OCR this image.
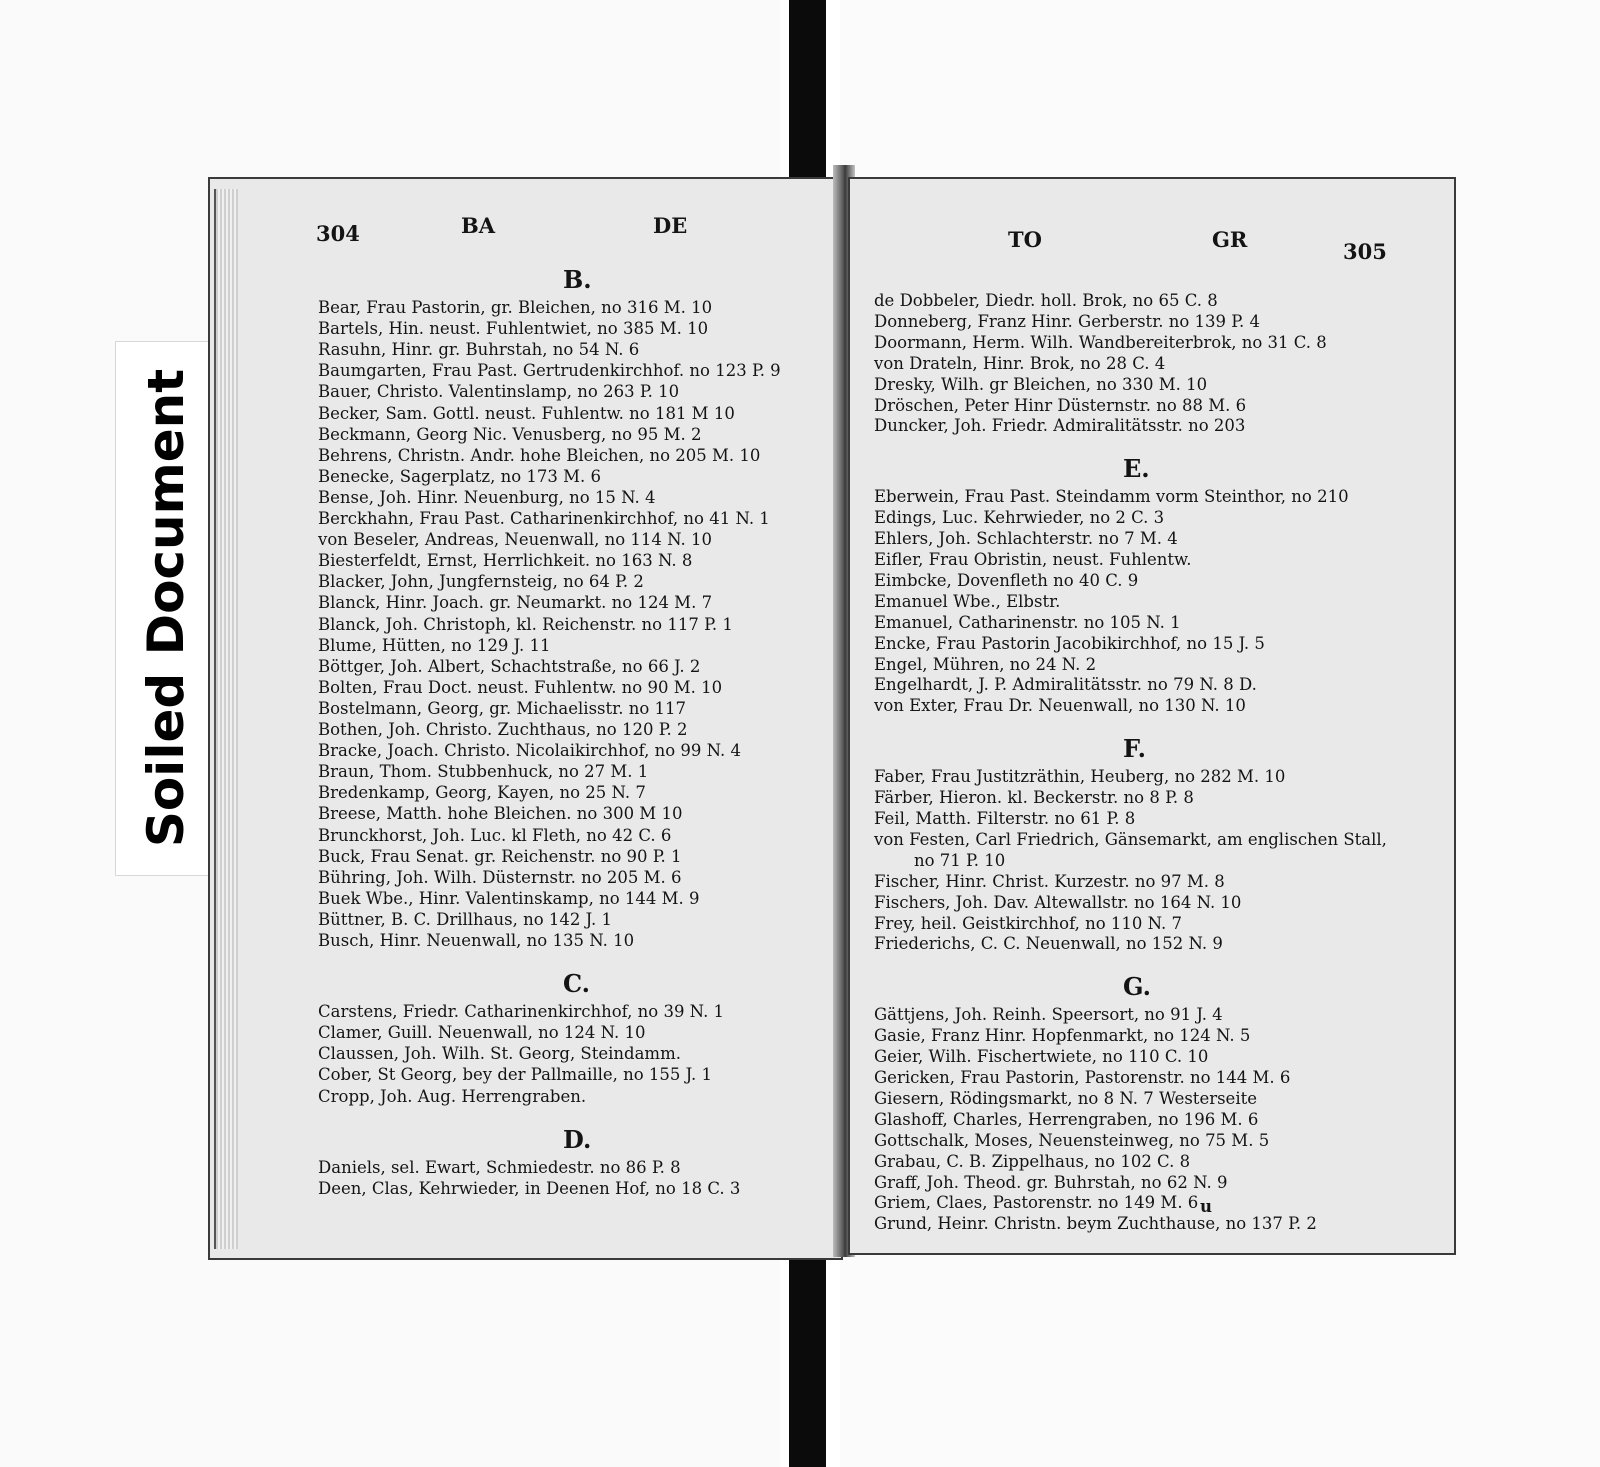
Soiled Document
304	BA	DE
TO	GR	305
B.
Bear, Frau Pastorin, gr. Bleichen, no 316 M. 10
Bartels, Hin. neust. Fuhlentwiet, no 385 M. 10
Rasuhn, Hinr. gr. Buhrstah, no 54 N. 6
Baumgarten, Frau Past. Gertrudenkirchhof. no 123 P. 9
Bauer, Christo. Valentinslamp, no 263 P. 10
Becker, Sam. Gottl. neust. Fuhlentw. no 181 M 10
Beckmann, Georg Nic. Venusberg, no 95 M. 2
Behrens, Christn. Andr. hohe Bleichen, no 205 M. 10
Benecke, Sagerplatz, no 173 M. 6
Bense, Joh. Hinr. Neuenburg, no 15 N. 4
Berckhahn, Frau Past. Catharinenkirchhof, no 41 N. 1
von Beseler, Andreas, Neuenwall, no 114 N. 10
Biesterfeldt, Ernst, Herrlichkeit. no 163 N. 8
Blacker, John, Jungfernsteig, no 64 P. 2
Blanck, Hinr. Joach. gr. Neumarkt. no 124 M. 7
Blanck, Joh. Christoph, kl. Reichenstr. no 117 P. 1
Blume, Hütten, no 129 J. 11
Böttger, Joh. Albert, Schachtstraße, no 66 J. 2
Bolten, Frau Doct. neust. Fuhlentw. no 90 M. 10
Bostelmann, Georg, gr. Michaelisstr. no 117
Bothen, Joh. Christo. Zuchthaus, no 120 P. 2
Bracke, Joach. Christo. Nicolaikirchhof, no 99 N. 4
Braun, Thom. Stubbenhuck, no 27 M. 1
Bredenkamp, Georg, Kayen, no 25 N. 7
Breese, Matth. hohe Bleichen. no 300 M 10
Brunckhorst, Joh. Luc. kl Fleth, no 42 C. 6
Buck, Frau Senat. gr. Reichenstr. no 90 P. 1
Bühring, Joh. Wilh. Düsternstr. no 205 M. 6
Buek Wbe., Hinr. Valentinskamp, no 144 M. 9
Büttner, B. C. Drillhaus, no 142 J. 1
Busch, Hinr. Neuenwall, no 135 N. 10
C.
Carstens, Friedr. Catharinenkirchhof, no 39 N. 1
Clamer, Guill. Neuenwall, no 124 N. 10
Claussen, Joh. Wilh. St. Georg, Steindamm.
Cober, St Georg, bey der Pallmaille, no 155 J. 1
Cropp, Joh. Aug. Herrengraben.
D.
Daniels, sel. Ewart, Schmiedestr. no 86 P. 8
Deen, Clas, Kehrwieder, in Deenen Hof, no 18 C. 3
de Dobbeler, Diedr. holl. Brok, no 65 C. 8
Donneberg, Franz Hinr. Gerberstr. no 139 P. 4
Doormann, Herm. Wilh. Wandbereiterbrok, no 31 C. 8
von Drateln, Hinr. Brok, no 28 C. 4
Dresky, Wilh. gr Bleichen, no 330 M. 10
Dröschen, Peter Hinr Düsternstr. no 88 M. 6
Duncker, Joh. Friedr. Admiralitätsstr. no 203
E.
Eberwein, Frau Past. Steindamm vorm Steinthor, no 210
Edings, Luc. Kehrwieder, no 2 C. 3
Ehlers, Joh. Schlachterstr. no 7 M. 4
Eifler, Frau Obristin, neust. Fuhlentw.
Eimbcke, Dovenfleth no 40 C. 9
Emanuel Wbe., Elbstr.
Emanuel, Catharinenstr. no 105 N. 1
Encke, Frau Pastorin Jacobikirchhof, no 15 J. 5
Engel, Mühren, no 24 N. 2
Engelhardt, J. P. Admiralitätsstr. no 79 N. 8 D.
von Exter, Frau Dr. Neuenwall, no 130 N. 10
F.
Faber, Frau Justitzräthin, Heuberg, no 282 M. 10
Färber, Hieron. kl. Beckerstr. no 8 P. 8
Feil, Matth. Filterstr. no 61 P. 8
von Festen, Carl Friedrich, Gänsemarkt, am englischen Stall,
no 71 P. 10
Fischer, Hinr. Christ. Kurzestr. no 97 M. 8
Fischers, Joh. Dav. Altewallstr. no 164 N. 10
Frey, heil. Geistkirchhof, no 110 N. 7
Friederichs, C. C. Neuenwall, no 152 N. 9
G.
Gättjens, Joh. Reinh. Speersort, no 91 J. 4
Gasie, Franz Hinr. Hopfenmarkt, no 124 N. 5
Geier, Wilh. Fischertwiete, no 110 C. 10
Gericken, Frau Pastorin, Pastorenstr. no 144 M. 6
Giesern, Rödingsmarkt, no 8 N. 7 Westerseite
Glashoff, Charles, Herrengraben, no 196 M. 6
Gottschalk, Moses, Neuensteinweg, no 75 M. 5
Grabau, C. B. Zippelhaus, no 102 C. 8
Graff, Joh. Theod. gr. Buhrstah, no 62 N. 9
Griem, Claes, Pastorenstr. no 149 M. 6
Grund, Heinr. Christn. beym Zuchthause, no 137 P. 2
u
